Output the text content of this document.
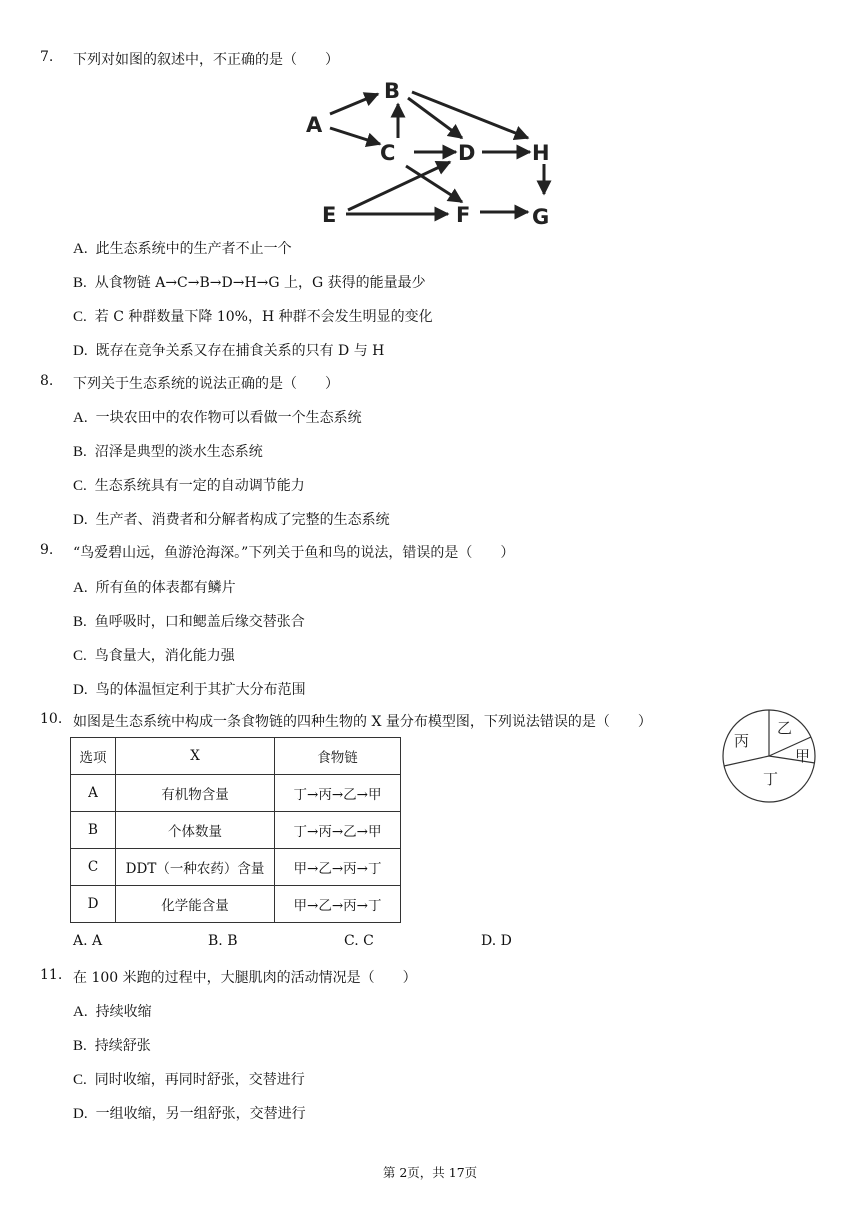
7. 下列对如图的叙述中，不正确的是（　　）
A
B
C	D	H
E	F	G
A. 此生态系统中的生产者不止一个
B. 从食物链 A→C→B→D→H→G 上，G 获得的能量最少
C. 若 C 种群数量下降 10%，H 种群不会发生明显的变化
D. 既存在竞争关系又存在捕食关系的只有 D 与 H
8. 下列关于生态系统的说法正确的是（　　）
A. 一块农田中的农作物可以看做一个生态系统
B. 沼泽是典型的淡水生态系统
C. 生态系统具有一定的自动调节能力
D. 生产者、消费者和分解者构成了完整的生态系统
9. “鸟爱碧山远，鱼游沧海深。”下列关于鱼和鸟的说法，错误的是（　　）
A. 所有鱼的体表都有鳞片
B. 鱼呼吸时，口和鳃盖后缘交替张合
C. 鸟食量大，消化能力强
D. 鸟的体温恒定利于其扩大分布范围
10. 如图是生态系统中构成一条食物链的四种生物的 X 量分布模型图，下列说法错误的是（　　）
丙
乙
甲
丁
选项	X	食物链
A	有机物含量	丁→丙→乙→甲
B	个体数量	丁→丙→乙→甲
C	DDT（一种农药）含量	甲→乙→丙→丁
D	化学能含量	甲→乙→丙→丁
A. A	B. B	C. C	D. D
11. 在 100 米跑的过程中，大腿肌肉的活动情况是（　　）
A. 持续收缩
B. 持续舒张
C. 同时收缩，再同时舒张，交替进行
D. 一组收缩，另一组舒张，交替进行
第 2页，共 17页
